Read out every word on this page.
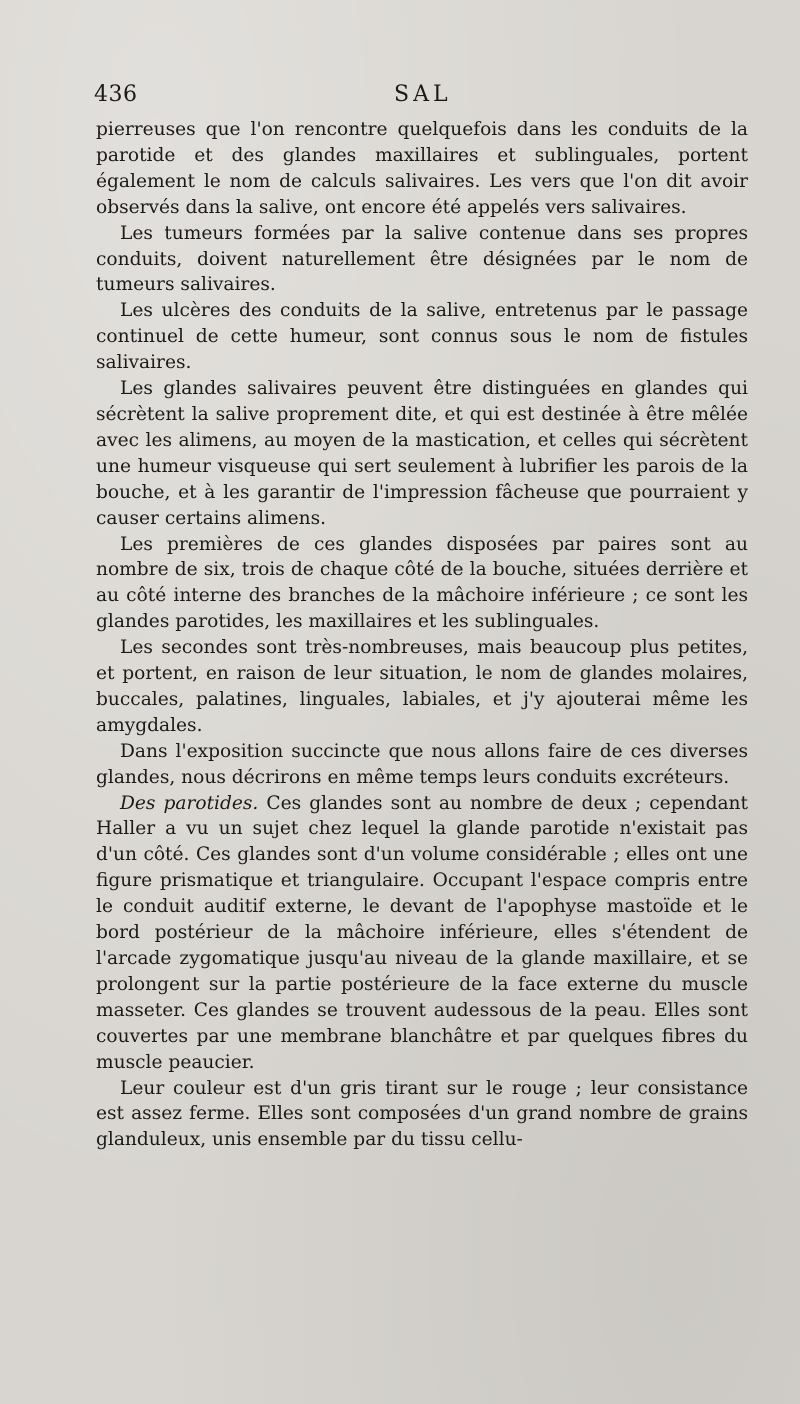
436	SAL

pierreuses que l'on rencontre quelquefois dans les conduits de la parotide et des glandes maxillaires et sublinguales, portent également le nom de calculs salivaires. Les vers que l'on dit avoir observés dans la salive, ont encore été appelés vers salivaires.

Les tumeurs formées par la salive contenue dans ses propres conduits, doivent naturellement être désignées par le nom de tumeurs salivaires.

Les ulcères des conduits de la salive, entretenus par le passage continuel de cette humeur, sont connus sous le nom de fistules salivaires.

Les glandes salivaires peuvent être distinguées en glandes qui sécrètent la salive proprement dite, et qui est destinée à être mêlée avec les alimens, au moyen de la mastication, et celles qui sécrètent une humeur visqueuse qui sert seulement à lubrifier les parois de la bouche, et à les garantir de l'impression fâcheuse que pourraient y causer certains alimens.

Les premières de ces glandes disposées par paires sont au nombre de six, trois de chaque côté de la bouche, situées derrière et au côté interne des branches de la mâchoire inférieure ; ce sont les glandes parotides, les maxillaires et les sublinguales.

Les secondes sont très-nombreuses, mais beaucoup plus petites, et portent, en raison de leur situation, le nom de glandes molaires, buccales, palatines, linguales, labiales, et j'y ajouterai même les amygdales.

Dans l'exposition succincte que nous allons faire de ces diverses glandes, nous décrirons en même temps leurs conduits excréteurs.

Des parotides. Ces glandes sont au nombre de deux ; cependant Haller a vu un sujet chez lequel la glande parotide n'existait pas d'un côté. Ces glandes sont d'un volume considérable ; elles ont une figure prismatique et triangulaire. Occupant l'espace compris entre le conduit auditif externe, le devant de l'apophyse mastoïde et le bord postérieur de la mâchoire inférieure, elles s'étendent de l'arcade zygomatique jusqu'au niveau de la glande maxillaire, et se prolongent sur la partie postérieure de la face externe du muscle masseter. Ces glandes se trouvent audessous de la peau. Elles sont couvertes par une membrane blanchâtre et par quelques fibres du muscle peaucier.

Leur couleur est d'un gris tirant sur le rouge ; leur consistance est assez ferme. Elles sont composées d'un grand nombre de grains glanduleux, unis ensemble par du tissu cellu-
